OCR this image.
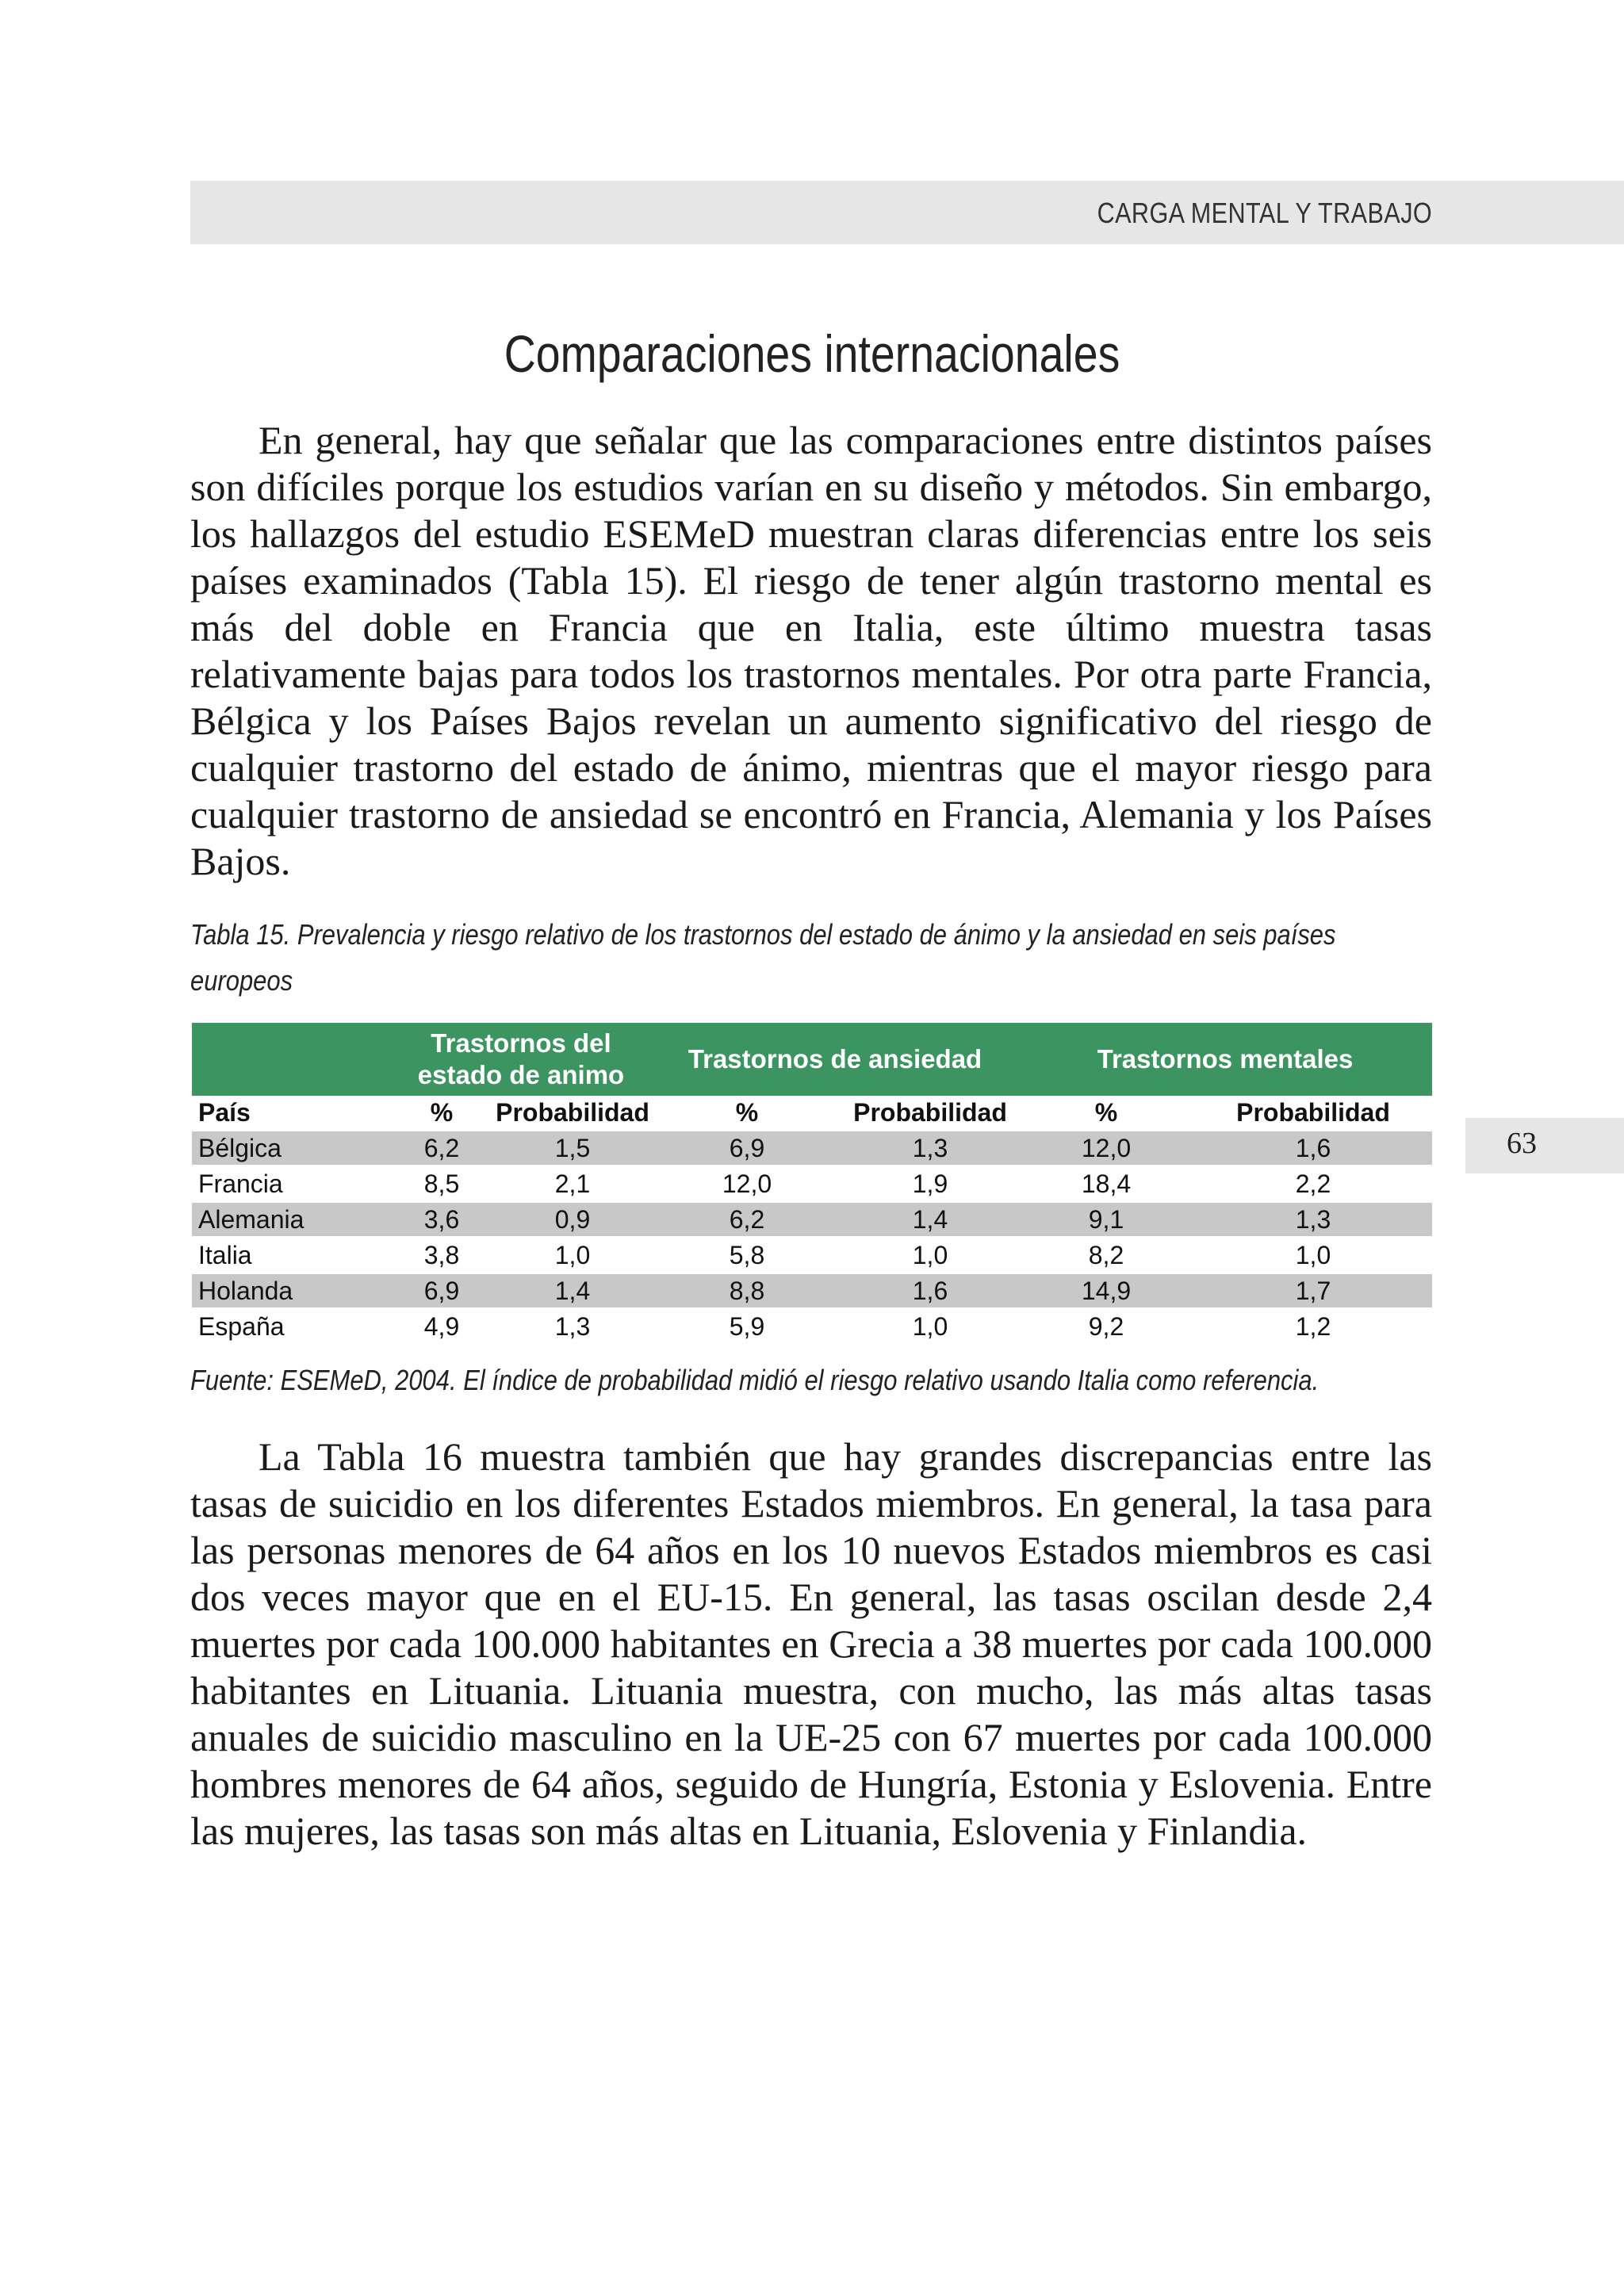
CARGA MENTAL Y TRABAJO
63
Comparaciones internacionales

En general, hay que señalar que las comparaciones entre distintos países son difíciles porque los estudios varían en su diseño y métodos. Sin embargo, los hallazgos del estudio ESEMeD muestran claras diferencias entre los seis países examinados (Tabla 15). El riesgo de tener algún trastorno mental es más del doble en Francia que en Italia, este último muestra tasas relativamente bajas para todos los trastornos mentales. Por otra parte Francia, Bélgica y los Países Bajos revelan un aumento significativo del riesgo de cualquier trastorno del estado de ánimo, mientras que el mayor riesgo para cualquier trastorno de ansiedad se encontró en Francia, Alemania y los Países Bajos.

Tabla 15. Prevalencia y riesgo relativo de los trastornos del estado de ánimo y la ansiedad en seis países europeos
	Trastornos del estado de animo		Trastornos de ansiedad		Trastornos mentales	
País	%	Probabilidad	%	Probabilidad	%	Probabilidad
Bélgica	6,2	1,5	6,9	1,3	12,0	1,6
Francia	8,5	2,1	12,0	1,9	18,4	2,2
Alemania	3,6	0,9	6,2	1,4	9,1	1,3
Italia	3,8	1,0	5,8	1,0	8,2	1,0
Holanda	6,9	1,4	8,8	1,6	14,9	1,7
España	4,9	1,3	5,9	1,0	9,2	1,2
Fuente: ESEMeD, 2004. El índice de probabilidad midió el riesgo relativo usando Italia como referencia.

La Tabla 16 muestra también que hay grandes discrepancias entre las tasas de suicidio en los diferentes Estados miembros. En general, la tasa para las personas menores de 64 años en los 10 nuevos Estados miembros es casi dos veces mayor que en el EU-15. En general, las tasas oscilan desde 2,4 muertes por cada 100.000 habitantes en Grecia a 38 muertes por cada 100.000 habitantes en Lituania. Lituania muestra, con mucho, las más altas tasas anuales de suicidio masculino en la UE-25 con 67 muertes por cada 100.000 hombres menores de 64 años, seguido de Hungría, Estonia y Eslovenia. Entre las mujeres, las tasas son más altas en Lituania, Eslovenia y Finlandia.
